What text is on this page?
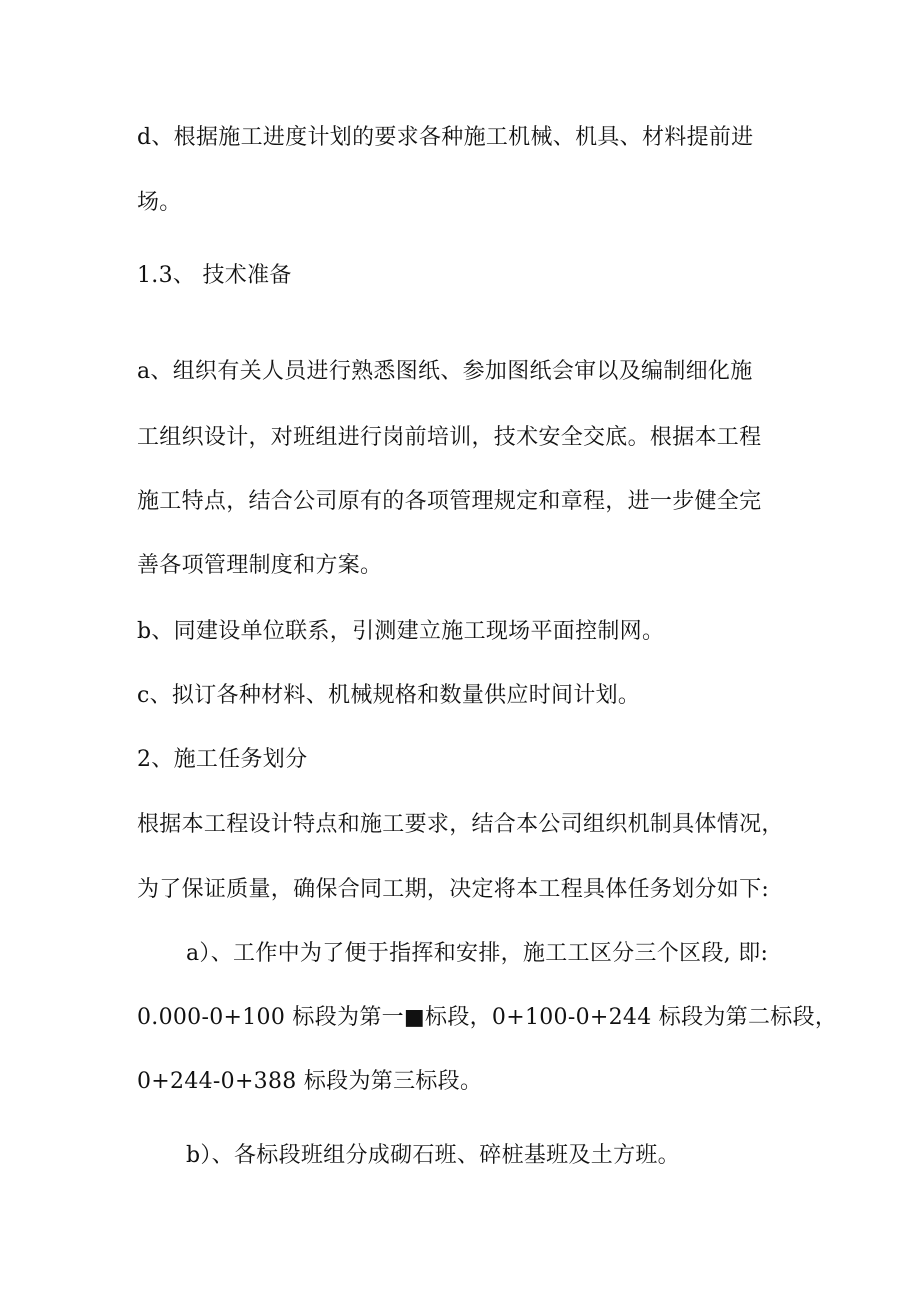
d、根据施工进度计划的要求各种施工机械、机具、材料提前进
场。
1.3、 技术准备
a、组织有关人员进行熟悉图纸、参加图纸会审以及编制细化施
工组织设计，对班组进行岗前培训，技术安全交底。根据本工程
施工特点，结合公司原有的各项管理规定和章程，进一步健全完
善各项管理制度和方案。
b、同建设单位联系，引测建立施工现场平面控制网。
c、拟订各种材料、机械规格和数量供应时间计划。
2、施工任务划分
根据本工程设计特点和施工要求，结合本公司组织机制具体情况，
为了保证质量，确保合同工期，决定将本工程具体任务划分如下:
a）、工作中为了便于指挥和安排，施工工区分三个区段, 即:
0.000-0+100 标段为第一■标段，0+100-0+244 标段为第二标段，
0+244-0+388 标段为第三标段。
b）、各标段班组分成砌石班、碎桩基班及土方班。
